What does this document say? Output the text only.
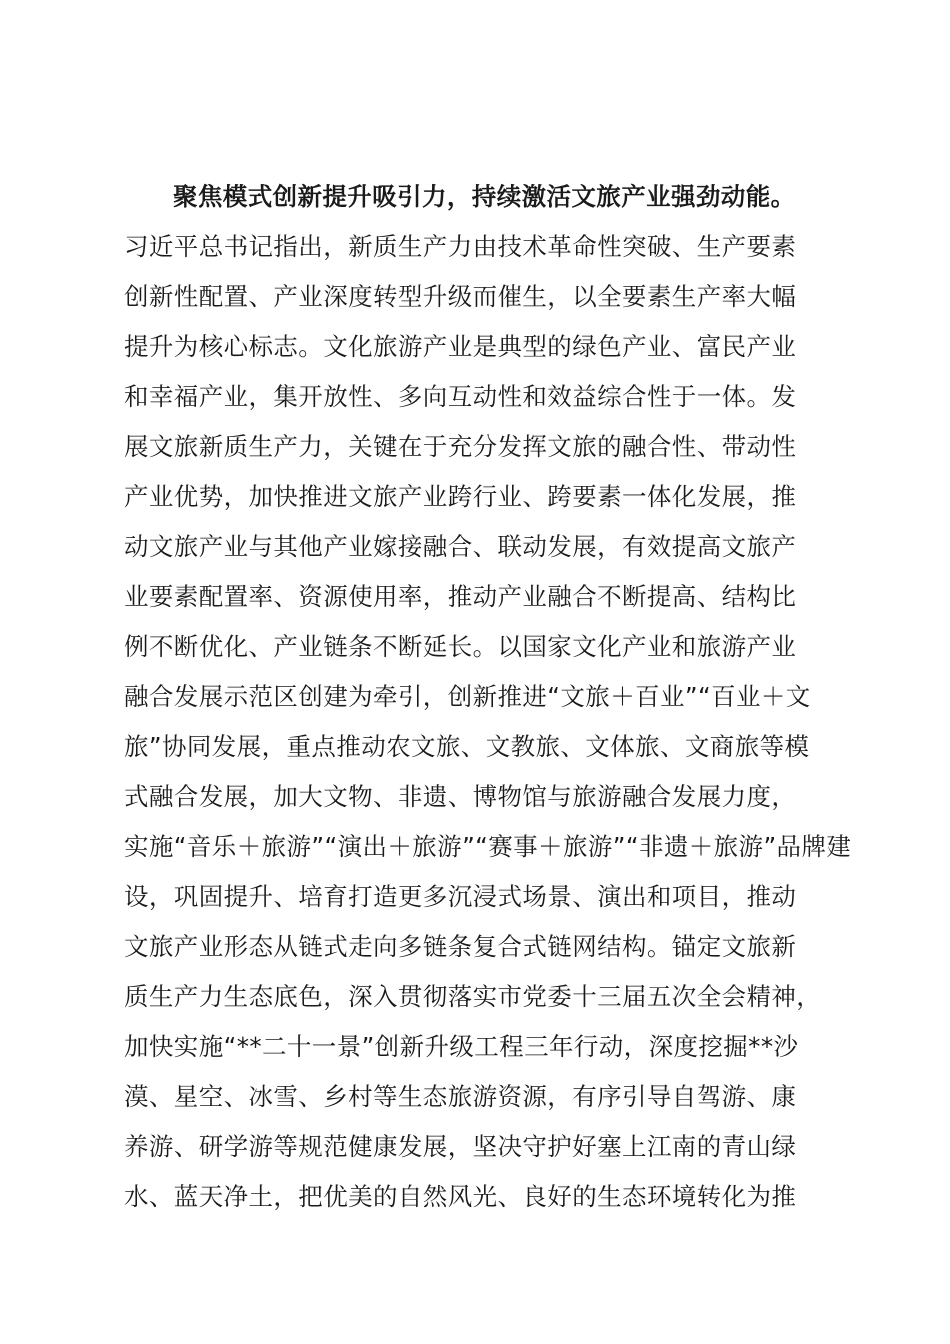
聚焦模式创新提升吸引力，持续激活文旅产业强劲动能。
习近平总书记指出，新质生产力由技术革命性突破、生产要素
创新性配置、产业深度转型升级而催生，以全要素生产率大幅
提升为核心标志。文化旅游产业是典型的绿色产业、富民产业
和幸福产业，集开放性、多向互动性和效益综合性于一体。发
展文旅新质生产力，关键在于充分发挥文旅的融合性、带动性
产业优势，加快推进文旅产业跨行业、跨要素一体化发展，推
动文旅产业与其他产业嫁接融合、联动发展，有效提高文旅产
业要素配置率、资源使用率，推动产业融合不断提高、结构比
例不断优化、产业链条不断延长。以国家文化产业和旅游产业
融合发展示范区创建为牵引，创新推进“文旅＋百业”“百业＋文
旅”协同发展，重点推动农文旅、文教旅、文体旅、文商旅等模
式融合发展，加大文物、非遗、博物馆与旅游融合发展力度，
实施“音乐＋旅游”“演出＋旅游”“赛事＋旅游”“非遗＋旅游”品牌建
设，巩固提升、培育打造更多沉浸式场景、演出和项目，推动
文旅产业形态从链式走向多链条复合式链网结构。锚定文旅新
质生产力生态底色，深入贯彻落实市党委十三届五次全会精神，
加快实施“**二十一景”创新升级工程三年行动，深度挖掘**沙
漠、星空、冰雪、乡村等生态旅游资源，有序引导自驾游、康
养游、研学游等规范健康发展，坚决守护好塞上江南的青山绿
水、蓝天净土，把优美的自然风光、良好的生态环境转化为推
